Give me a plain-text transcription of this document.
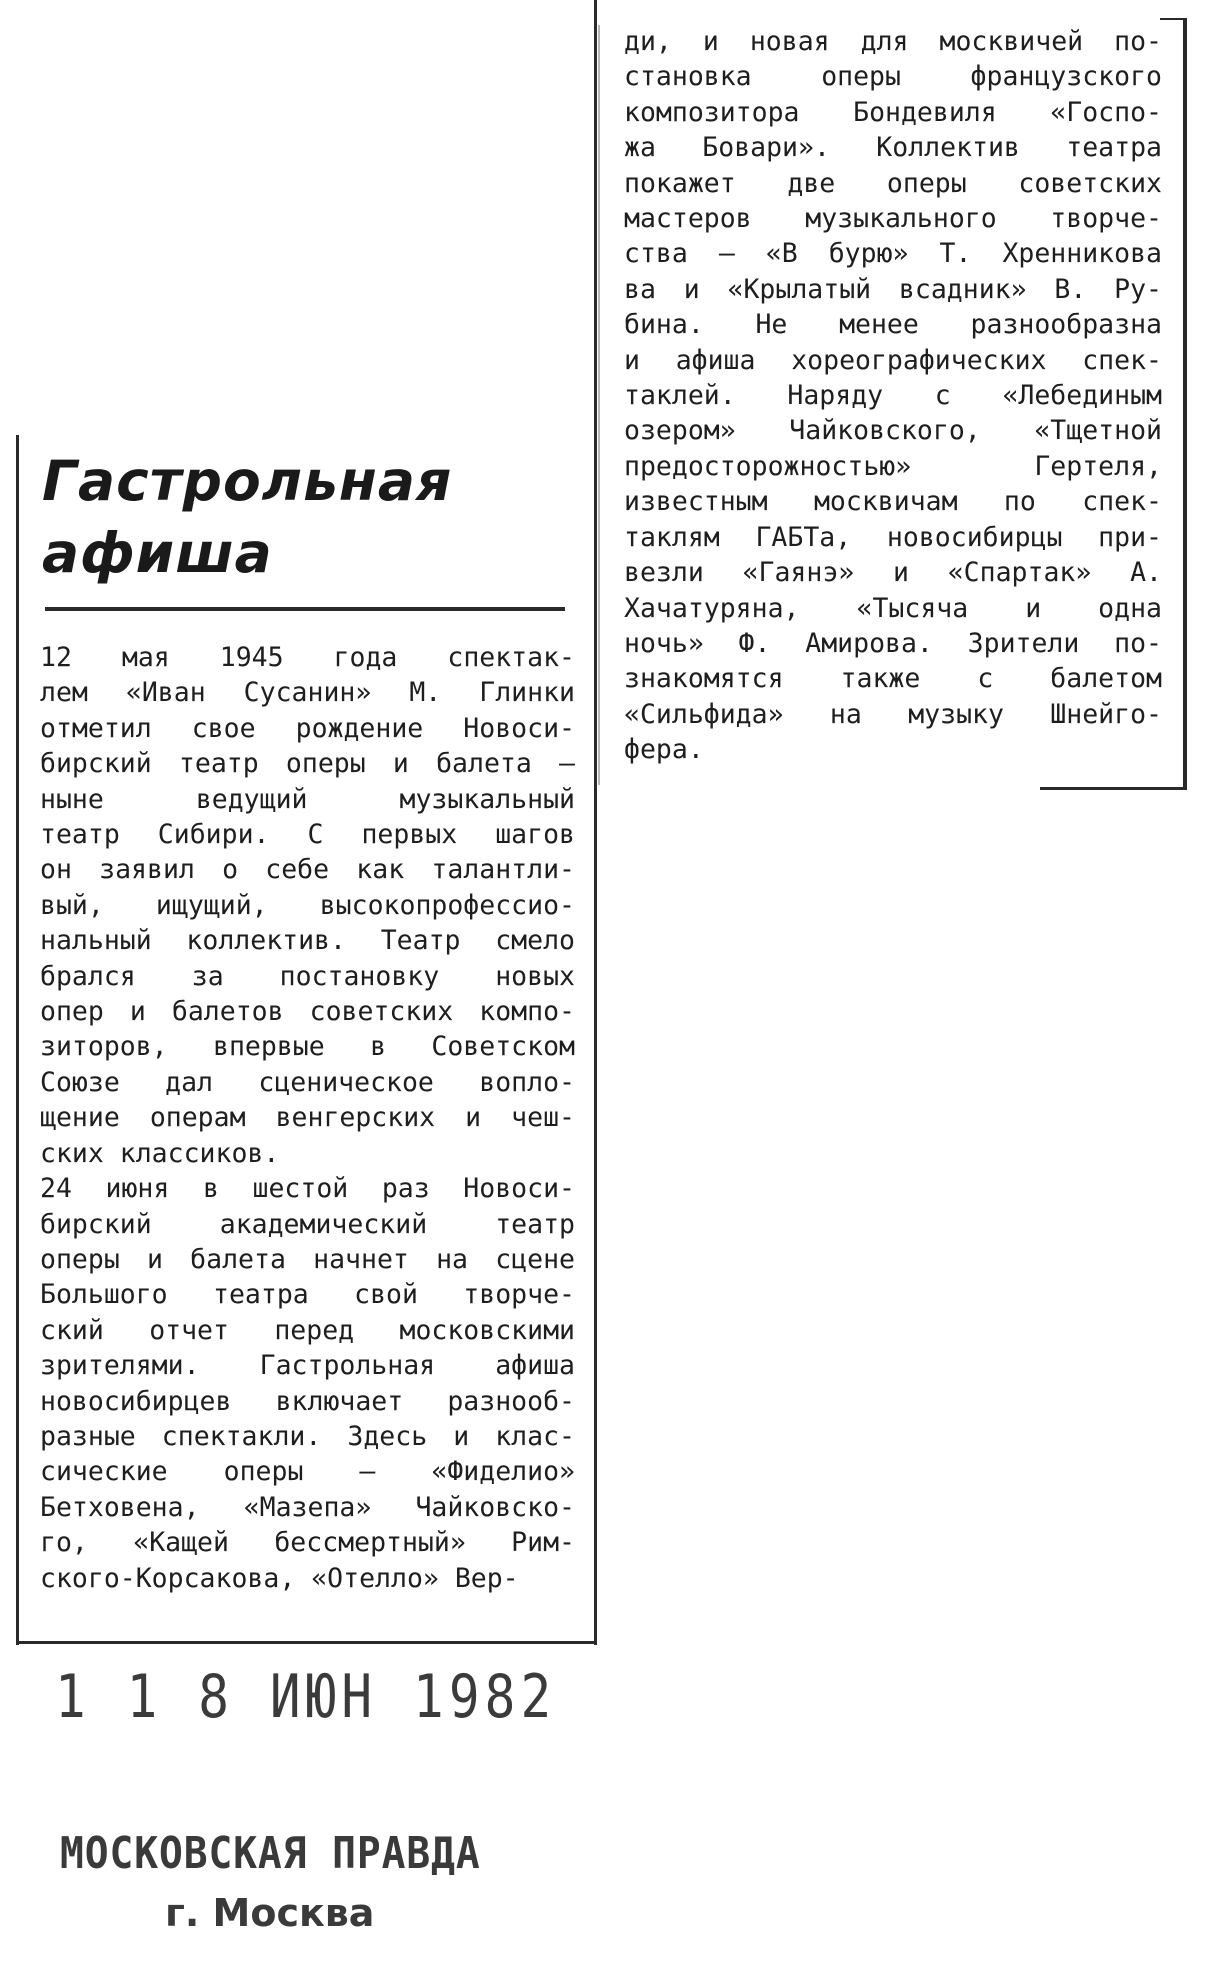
Гастрольная
афиша
12 мая 1945 года спектак-
лем «Иван Сусанин» М. Глинки
отметил свое рождение Новоси-
бирский театр оперы и балета —
ныне ведущий музыкальный
театр Сибири. С первых шагов
он заявил о себе как талантли-
вый, ищущий, высокопрофессио-
нальный коллектив. Театр смело
брался за постановку новых
опер и балетов советских компо-
зиторов, впервые в Советском
Союзе дал сценическое вопло-
щение операм венгерских и чеш-
ских классиков.
24 июня в шестой раз Новоси-
бирский академический театр
оперы и балета начнет на сцене
Большого театра свой творче-
ский отчет перед московскими
зрителями. Гастрольная афиша
новосибирцев включает разнооб-
разные спектакли. Здесь и клас-
сические оперы — «Фиделио»
Бетховена, «Мазепа» Чайковско-
го, «Кащей бессмертный» Рим-
ского-Корсакова, «Отелло» Вер-
ди, и новая для москвичей по-
становка оперы французского
композитора Бондевиля «Госпо-
жа Бовари». Коллектив театра
покажет две оперы советских
мастеров музыкального творче-
ства — «В бурю» Т. Хренникова
ва и «Крылатый всадник» В. Ру-
бина. Не менее разнообразна
и афиша хореографических спек-
таклей. Наряду с «Лебединым
озером» Чайковского, «Тщетной
предосторожностью» Гертеля,
известным москвичам по спек-
таклям ГАБТа, новосибирцы при-
везли «Гаянэ» и «Спартак» А.
Хачатуряна, «Тысяча и одна
ночь» Ф. Амирова. Зрители по-
знакомятся также с балетом
«Сильфида» на музыку Шнейго-
фера.
1 1 8 ИЮН 1982
МОСКОВСКАЯ ПРАВДА
г. Москва
